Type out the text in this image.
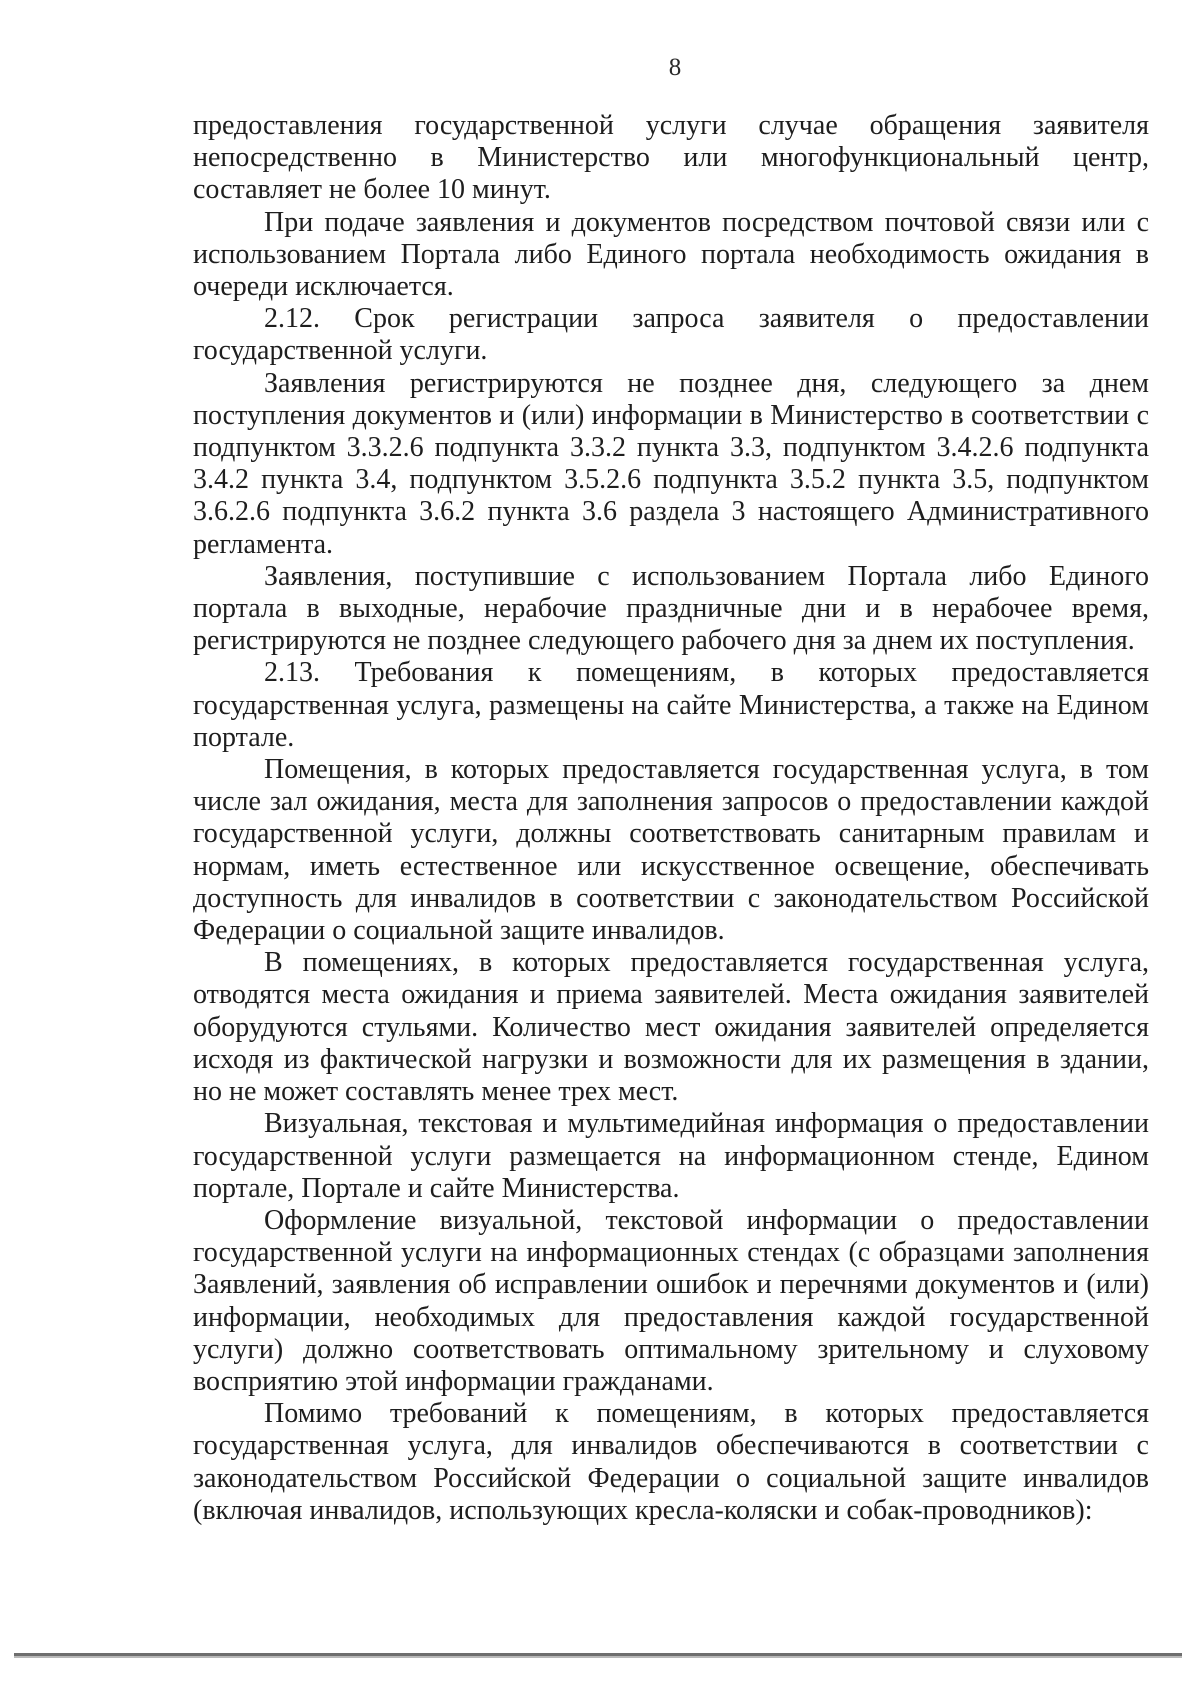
8

предоставления государственной услуги случае обращения заявителя непосредственно в Министерство или многофункциональный центр, составляет не более 10 минут.

При подаче заявления и документов посредством почтовой связи или с использованием Портала либо Единого портала необходимость ожидания в очереди исключается.

2.12. Срок регистрации запроса заявителя о предоставлении государственной услуги.

Заявления регистрируются не позднее дня, следующего за днем поступления документов и (или) информации в Министерство в соответствии с подпунктом 3.3.2.6 подпункта 3.3.2 пункта 3.3, подпунктом 3.4.2.6 подпункта 3.4.2 пункта 3.4, подпунктом 3.5.2.6 подпункта 3.5.2 пункта 3.5, подпунктом 3.6.2.6 подпункта 3.6.2 пункта 3.6 раздела 3 настоящего Административного регламента.

Заявления, поступившие с использованием Портала либо Единого портала в выходные, нерабочие праздничные дни и в нерабочее время, регистрируются не позднее следующего рабочего дня за днем их поступления.

2.13. Требования к помещениям, в которых предоставляется государственная услуга, размещены на сайте Министерства, а также на Едином портале.

Помещения, в которых предоставляется государственная услуга, в том числе зал ожидания, места для заполнения запросов о предоставлении каждой государственной услуги, должны соответствовать санитарным правилам и нормам, иметь естественное или искусственное освещение, обеспечивать доступность для инвалидов в соответствии с законодательством Российской Федерации о социальной защите инвалидов.

В помещениях, в которых предоставляется государственная услуга, отводятся места ожидания и приема заявителей. Места ожидания заявителей оборудуются стульями. Количество мест ожидания заявителей определяется исходя из фактической нагрузки и возможности для их размещения в здании, но не может составлять менее трех мест.

Визуальная, текстовая и мультимедийная информация о предоставлении государственной услуги размещается на информационном стенде, Едином портале, Портале и сайте Министерства.

Оформление визуальной, текстовой информации о предоставлении государственной услуги на информационных стендах (с образцами заполнения Заявлений, заявления об исправлении ошибок и перечнями документов и (или) информации, необходимых для предоставления каждой государственной услуги) должно соответствовать оптимальному зрительному и слуховому восприятию этой информации гражданами.

Помимо требований к помещениям, в которых предоставляется государственная услуга, для инвалидов обеспечиваются в соответствии с законодательством Российской Федерации о социальной защите инвалидов (включая инвалидов, использующих кресла-коляски и собак-проводников):
